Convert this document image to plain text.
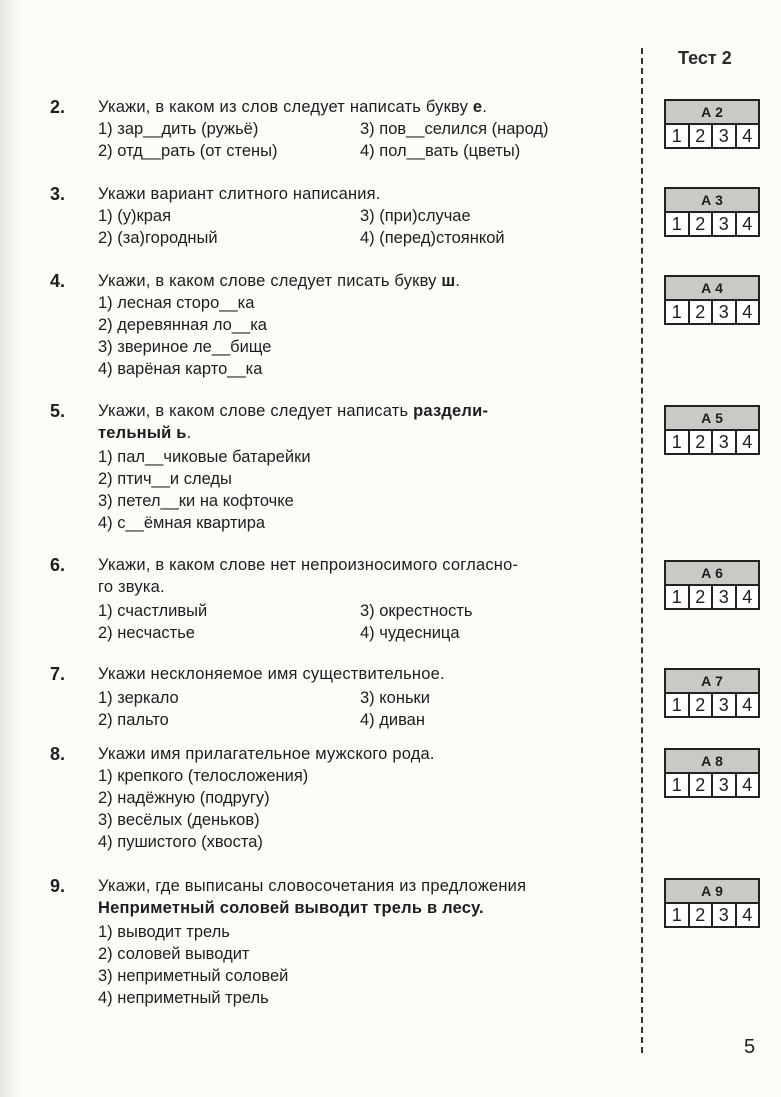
Тест 2
2. Укажи, в каком из слов следует написать букву е.
1) зар__дить (ружьё)	3) пов__селился (народ)
2) отд__рать (от стены)	4) пол__вать (цветы)
3. Укажи вариант слитного написания.
1) (у)края	3) (при)случае
2) (за)городный	4) (перед)стоянкой
4. Укажи, в каком слове следует писать букву ш.
1) лесная сторо__ка
2) деревянная ло__ка
3) звериное ле__бище
4) варёная карто__ка
5. Укажи, в каком слове следует написать раздели-
тельный ь.
1) пал__чиковые батарейки
2) птич__и следы
3) петел__ки на кофточке
4) с__ёмная квартира
6. Укажи, в каком слове нет непроизносимого согласно-
го звука.
1) счастливый	3) окрестность
2) несчастье	4) чудесница
7. Укажи несклоняемое имя существительное.
1) зеркало	3) коньки
2) пальто	4) диван
8. Укажи имя прилагательное мужского рода.
1) крепкого (телосложения)
2) надёжную (подругу)
3) весёлых (деньков)
4) пушистого (хвоста)
9. Укажи, где выписаны словосочетания из предложения
Неприметный соловей выводит трель в лесу.
1) выводит трель
2) соловей выводит
3) неприметный соловей
4) неприметный трель
А 2
1 2 3 4
А 3
1 2 3 4
А 4
1 2 3 4
А 5
1 2 3 4
А 6
1 2 3 4
А 7
1 2 3 4
А 8
1 2 3 4
А 9
1 2 3 4
5
